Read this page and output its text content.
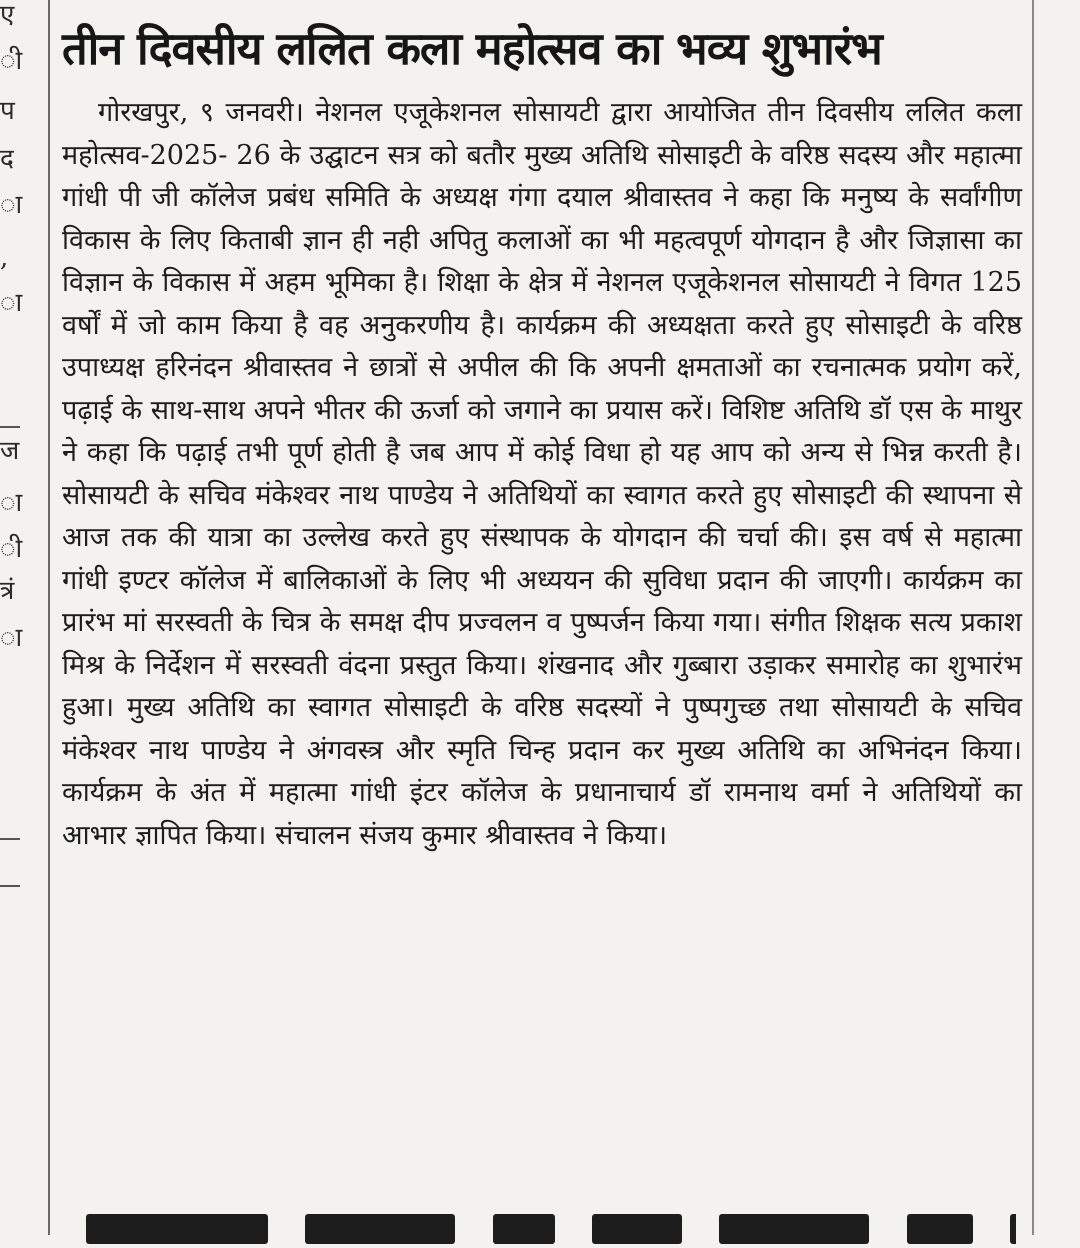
ए
ी
प
द
ा
,
ा
ज
ा
ी
त्रं
ा
तीन दिवसीय ललित कला महोत्सव का भव्य शुभारंभ

गोरखपुर, ९ जनवरी। नेशनल एजूकेशनल सोसायटी द्वारा आयोजित तीन दिवसीय ललित कला महोत्सव-2025- 26 के उद्घाटन सत्र को बतौर मुख्य अतिथि सोसाइटी के वरिष्ठ सदस्य और महात्मा गांधी पी जी कॉलेज प्रबंध समिति के अध्यक्ष गंगा दयाल श्रीवास्तव ने कहा कि मनुष्य के सर्वांगीण विकास के लिए किताबी ज्ञान ही नही अपितु कलाओं का भी महत्वपूर्ण योगदान है और जिज्ञासा का विज्ञान के विकास में अहम भूमिका है। शिक्षा के क्षेत्र में नेशनल एजूकेशनल सोसायटी ने विगत 125 वर्षों में जो काम किया है वह अनुकरणीय है। कार्यक्रम की अध्यक्षता करते हुए सोसाइटी के वरिष्ठ उपाध्यक्ष हरिनंदन श्रीवास्तव ने छात्रों से अपील की कि अपनी क्षमताओं का रचनात्मक प्रयोग करें, पढ़ाई के साथ-साथ अपने भीतर की ऊर्जा को जगाने का प्रयास करें। विशिष्ट अतिथि डॉ एस के माथुर ने कहा कि पढ़ाई तभी पूर्ण होती है जब आप में कोई विधा हो यह आप को अन्य से भिन्न करती है। सोसायटी के सचिव मंकेश्वर नाथ पाण्डेय ने अतिथियों का स्वागत करते हुए सोसाइटी की स्थापना से आज तक की यात्रा का उल्लेख करते हुए संस्थापक के योगदान की चर्चा की। इस वर्ष से महात्मा गांधी इण्टर कॉलेज में बालिकाओं के लिए भी अध्ययन की सुविधा प्रदान की जाएगी। कार्यक्रम का प्रारंभ मां सरस्वती के चित्र के समक्ष दीप प्रज्वलन व पुष्पर्जन किया गया। संगीत शिक्षक सत्य प्रकाश मिश्र के निर्देशन में सरस्वती वंदना प्रस्तुत किया। शंखनाद और गुब्बारा उड़ाकर समारोह का शुभारंभ हुआ। मुख्य अतिथि का स्वागत सोसाइटी के वरिष्ठ सदस्यों ने पुष्पगुच्छ तथा सोसायटी के सचिव मंकेश्वर नाथ पाण्डेय ने अंगवस्त्र और स्मृति चिन्ह प्रदान कर मुख्य अतिथि का अभिनंदन किया। कार्यक्रम के अंत में महात्मा गांधी इंटर कॉलेज के प्रधानाचार्य डॉ रामनाथ वर्मा ने अतिथियों का आभार ज्ञापित किया। संचालन संजय कुमार श्रीवास्तव ने किया।
